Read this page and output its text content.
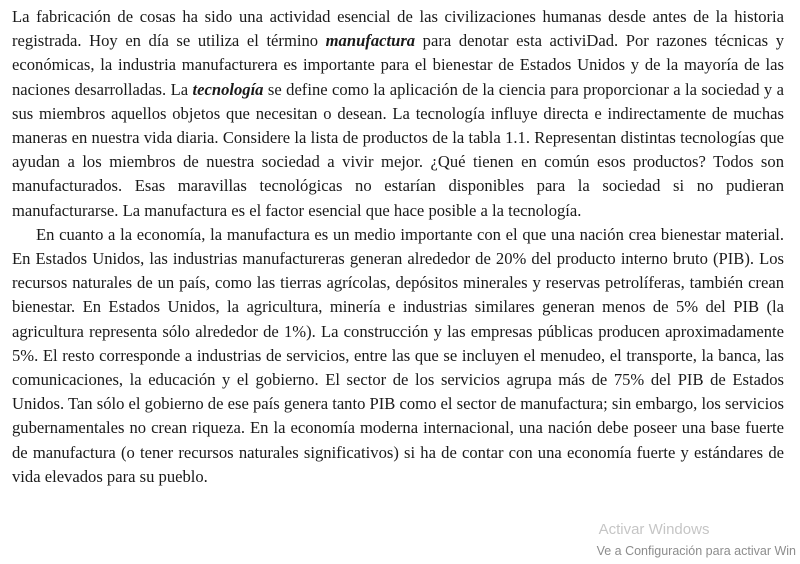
La fabricación de cosas ha sido una actividad esencial de las civilizaciones humanas desde antes de la historia registrada. Hoy en día se utiliza el término manufactura para denotar esta activiDad. Por razones técnicas y económicas, la industria manufacturera es importante para el bienestar de Estados Unidos y de la mayoría de las naciones desarrolladas. La tecnología se define como la aplicación de la ciencia para proporcionar a la sociedad y a sus miembros aquellos objetos que necesitan o desean. La tecnología influye directa e indirectamente de muchas maneras en nuestra vida diaria. Considere la lista de productos de la tabla 1.1. Representan distintas tecnologías que ayudan a los miembros de nuestra sociedad a vivir mejor. ¿Qué tienen en común esos productos? Todos son manufacturados. Esas maravillas tecnológicas no estarían disponibles para la sociedad si no pudieran manufacturarse. La manufactura es el factor esencial que hace posible a la tecnología.

En cuanto a la economía, la manufactura es un medio importante con el que una nación crea bienestar material. En Estados Unidos, las industrias manufactureras generan alrededor de 20% del producto interno bruto (PIB). Los recursos naturales de un país, como las tierras agrícolas, depósitos minerales y reservas petrolíferas, también crean bienestar. En Estados Unidos, la agricultura, minería e industrias similares generan menos de 5% del PIB (la agricultura representa sólo alrededor de 1%). La construcción y las empresas públicas producen aproximadamente 5%. El resto corresponde a industrias de servicios, entre las que se incluyen el menudeo, el transporte, la banca, las comunicaciones, la educación y el gobierno. El sector de los servicios agrupa más de 75% del PIB de Estados Unidos. Tan sólo el gobierno de ese país genera tanto PIB como el sector de manufactura; sin embargo, los servicios gubernamentales no crean riqueza. En la economía moderna internacional, una nación debe poseer una base fuerte de manufactura (o tener recursos naturales significativos) si ha de contar con una economía fuerte y estándares de vida elevados para su pueblo.

Activar Windows
Ve a Configuración para activar Win
